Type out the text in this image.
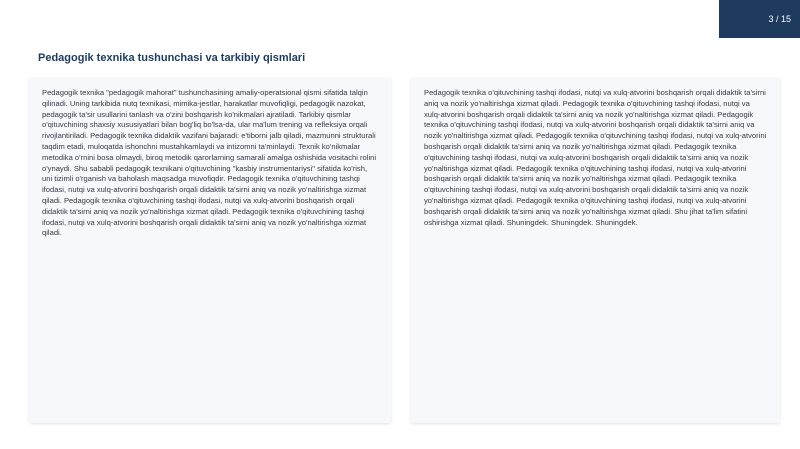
3 / 15
Pedagogik texnika tushunchasi va tarkibiy qismlari

Pedagogik texnika "pedagogik mahorat" tushunchasining amaliy-operatsional qismi sifatida talqin qilinadi. Uning tarkibida nutq texnikasi, mimika-jestlar, harakatlar muvofiqligi, pedagogik nazokat, pedagogik ta'sir usullarini tanlash va o'zini boshqarish ko'nikmalari ajratiladi. Tarkibiy qismlar o'qituvchining shaxsiy xususiyatlari bilan bog'liq bo'lsa-da, ular ma'lum trening va refleksiya orqali rivojlantiriladi. Pedagogik texnika didaktik vazifani bajaradi: e'tiborni jalb qiladi, mazmunni strukturali taqdim etadi, muloqatda ishonchni mustahkamlaydi va intizomni ta'minlaydi. Texnik ko'nikmalar metodika o'rnini bosa olmaydi, biroq metodik qarorlarning samarali amalga oshishida vositachi rolini o'ynaydi. Shu sababli pedagogik texnikani o'qituvchining "kasbiy instrumentariysi" sifatida ko'rish, uni tizimli o'rganish va baholash maqsadga muvofiqdir. Pedagogik texnika o'qituvchining tashqi ifodasi, nutqi va xulq-atvorini boshqarish orqali didaktik ta'sirni aniq va nozik yo'naltirishga xizmat qiladi. Pedagogik texnika o'qituvchining tashqi ifodasi, nutqi va xulq-atvorini boshqarish orqali didaktik ta'sirni aniq va nozik yo'naltirishga xizmat qiladi. Pedagogik texnika o'qituvchining tashqi ifodasi, nutqi va xulq-atvorini boshqarish orqali didaktik ta'sirni aniq va nozik yo'naltirishga xizmat qiladi.

Pedagogik texnika o'qituvchining tashqi ifodasi, nutqi va xulq-atvorini boshqarish orqali didaktik ta'sirni aniq va nozik yo'naltirishga xizmat qiladi. Pedagogik texnika o'qituvchining tashqi ifodasi, nutqi va xulq-atvorini boshqarish orqali didaktik ta'sirni aniq va nozik yo'naltirishga xizmat qiladi. Pedagogik texnika o'qituvchining tashqi ifodasi, nutqi va xulq-atvorini boshqarish orqali didaktik ta'sirni aniq va nozik yo'naltirishga xizmat qiladi. Pedagogik texnika o'qituvchining tashqi ifodasi, nutqi va xulq-atvorini boshqarish orqali didaktik ta'sirni aniq va nozik yo'naltirishga xizmat qiladi. Pedagogik texnika o'qituvchining tashqi ifodasi, nutqi va xulq-atvorini boshqarish orqali didaktik ta'sirni aniq va nozik yo'naltirishga xizmat qiladi. Pedagogik texnika o'qituvchining tashqi ifodasi, nutqi va xulq-atvorini boshqarish orqali didaktik ta'sirni aniq va nozik yo'naltirishga xizmat qiladi. Pedagogik texnika o'qituvchining tashqi ifodasi, nutqi va xulq-atvorini boshqarish orqali didaktik ta'sirni aniq va nozik yo'naltirishga xizmat qiladi. Pedagogik texnika o'qituvchining tashqi ifodasi, nutqi va xulq-atvorini boshqarish orqali didaktik ta'sirni aniq va nozik yo'naltirishga xizmat qiladi. Shu jihat ta'lim sifatini oshirishga xizmat qiladi. Shuningdek. Shuningdek. Shuningdek.
